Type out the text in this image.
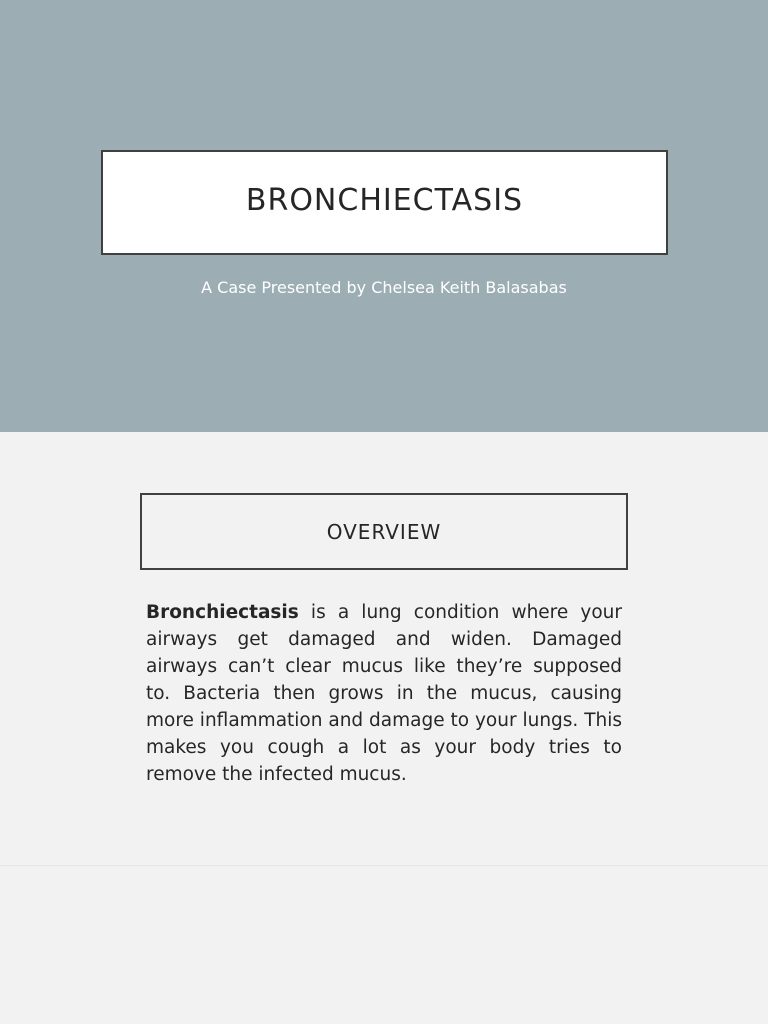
BRONCHIECTASIS
A Case Presented by Chelsea Keith Balasabas
OVERVIEW

Bronchiectasis is a lung condition where your airways get damaged and widen. Damaged airways can’t clear mucus like they’re supposed to. Bacteria then grows in the mucus, causing more inflammation and damage to your lungs. This makes you cough a lot as your body tries to remove the infected mucus.
